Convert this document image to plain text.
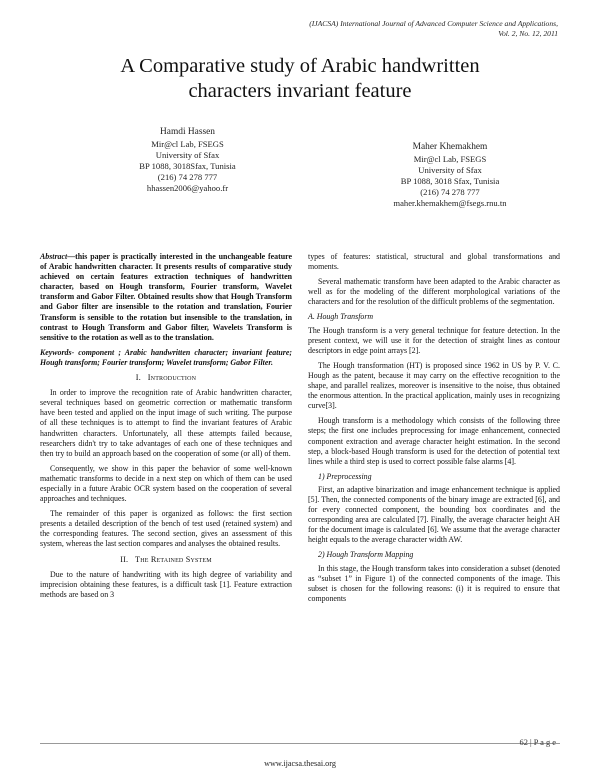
(IJACSA) International Journal of Advanced Computer Science and Applications,
Vol. 2, No. 12, 2011
A Comparative study of Arabic handwritten
characters invariant feature
Hamdi Hassen
Mir@cl Lab, FSEGS
University of Sfax
BP 1088, 3018Sfax, Tunisia
(216) 74 278 777
hhassen2006@yahoo.fr
Maher Khemakhem
Mir@cl Lab, FSEGS
University of Sfax
BP 1088, 3018 Sfax, Tunisia
(216) 74 278 777
maher.khemakhem@fsegs.rnu.tn

Abstract—this paper is practically interested in the unchangeable feature of Arabic handwritten character. It presents results of comparative study achieved on certain features extraction techniques of handwritten character, based on Hough transform, Fourier transform, Wavelet transform and Gabor Filter. Obtained results show that Hough Transform and Gabor filter are insensible to the rotation and translation, Fourier Transform is sensible to the rotation but insensible to the translation, in contrast to Hough Transform and Gabor filter, Wavelets Transform is sensitive to the rotation as well as to the translation.

Keywords- component ; Arabic handwritten character; invariant feature; Hough transform; Fourier transform; Wavelet transform; Gabor Filter.

I. Introduction

In order to improve the recognition rate of Arabic handwritten character, several techniques based on geometric correction or mathematic transform have been tested and applied on the input image of such writing. The purpose of all these techniques is to attempt to find the invariant features of Arabic handwritten characters. Unfortunately, all these attempts failed because, researchers didn't try to take advantages of each one of these techniques and then try to build an approach based on the cooperation of some (or all) of them.

Consequently, we show in this paper the behavior of some well-known mathematic transforms to decide in a next step on which of them can be used especially in a future Arabic OCR system based on the cooperation of several approaches and techniques.

The remainder of this paper is organized as follows: the first section presents a detailed description of the bench of test used (retained system) and the corresponding features. The second section, gives an assessment of this system, whereas the last section compares and analyses the obtained results.

II. The Retained System

Due to the nature of handwriting with its high degree of variability and imprecision obtaining these features, is a difficult task [1]. Feature extraction methods are based on 3

types of features: statistical, structural and global transformations and moments.

Several mathematic transform have been adapted to the Arabic character as well as for the modeling of the different morphological variations of the characters and for the resolution of the difficult problems of the segmentation.

A. Hough Transform

The Hough transform is a very general technique for feature detection. In the present context, we will use it for the detection of straight lines as contour descriptors in edge point arrays [2].

The Hough transformation (HT) is proposed since 1962 in US by P. V. C. Hough as the patent, because it may carry on the effective recognition to the shape, and parallel realizes, moreover is insensitive to the noise, thus obtained the enormous attention. In the practical application, mainly uses in recognizing curve[3].

Hough transform is a methodology which consists of the following three steps; the first one includes preprocessing for image enhancement, connected component extraction and average character height estimation. In the second step, a block-based Hough transform is used for the detection of potential text lines while a third step is used to correct possible false alarms [4].

1) Preprocessing

First, an adaptive binarization and image enhancement technique is applied [5]. Then, the connected components of the binary image are extracted [6], and for every connected component, the bounding box coordinates and the corresponding area are calculated [7]. Finally, the average character height AH for the document image is calculated [6]. We assume that the average character height equals to the average character width AW.

2) Hough Transform Mapping

In this stage, the Hough transform takes into consideration a subset (denoted as “subset 1” in Figure 1) of the connected components of the image. This subset is chosen for the following reasons: (i) it is required to ensure that components

62 | P a g e
www.ijacsa.thesai.org
